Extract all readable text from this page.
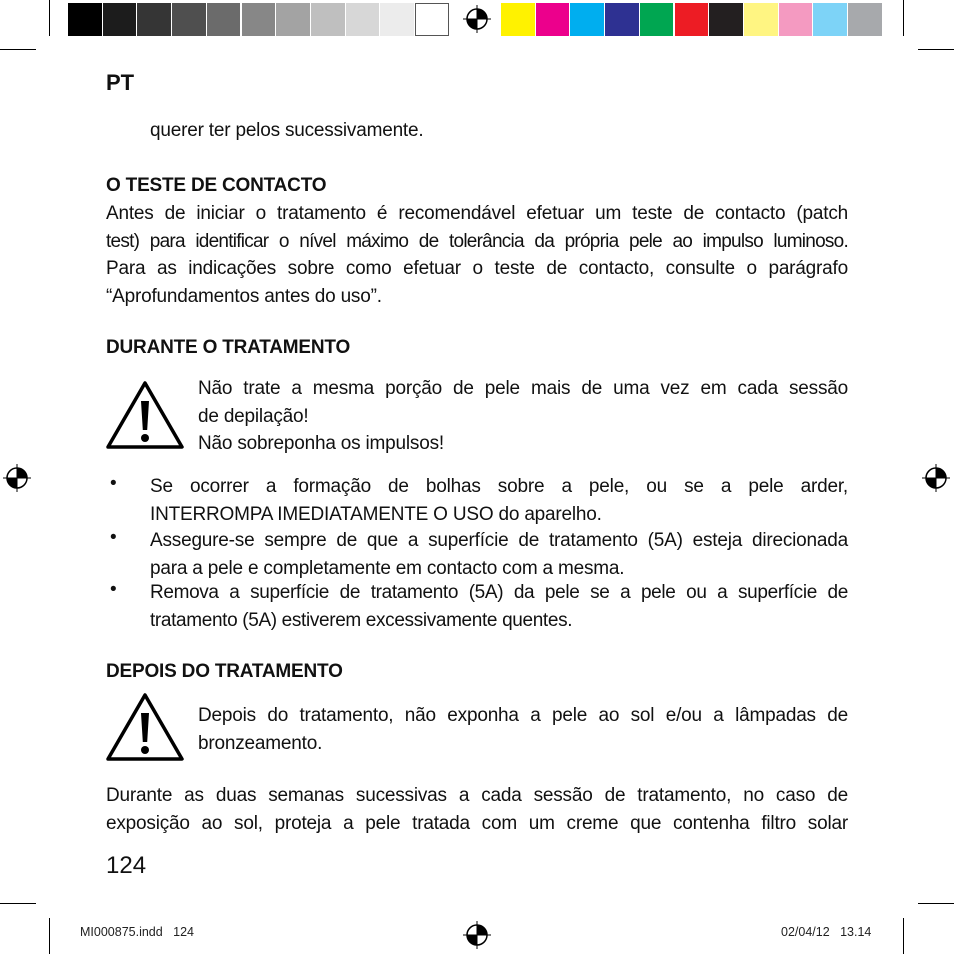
PT
querer ter pelos sucessivamente.
O TESTE DE CONTACTO
Antes de iniciar o tratamento é recomendável efetuar um teste de contacto (patch
test) para identificar o nível máximo de tolerância da própria pele ao impulso luminoso.
Para as indicações sobre como efetuar o teste de contacto, consulte o parágrafo
“Aprofundamentos antes do uso”.
DURANTE O TRATAMENTO
Não trate a mesma porção de pele mais de uma vez em cada sessão
de depilação!
Não sobreponha os impulsos!
• Se ocorrer a formação de bolhas sobre a pele, ou se a pele arder,
INTERROMPA IMEDIATAMENTE O USO do aparelho.
• Assegure-se sempre de que a superfície de tratamento (5A) esteja direcionada
para a pele e completamente em contacto com a mesma.
• Remova a superfície de tratamento (5A) da pele se a pele ou a superfície de
tratamento (5A) estiverem excessivamente quentes.
DEPOIS DO TRATAMENTO
Depois do tratamento, não exponha a pele ao sol e/ou a lâmpadas de
bronzeamento.
Durante as duas semanas sucessivas a cada sessão de tratamento, no caso de
exposição ao sol, proteja a pele tratada com um creme que contenha filtro solar
124
MI000875.indd 124	02/04/12 13.14
